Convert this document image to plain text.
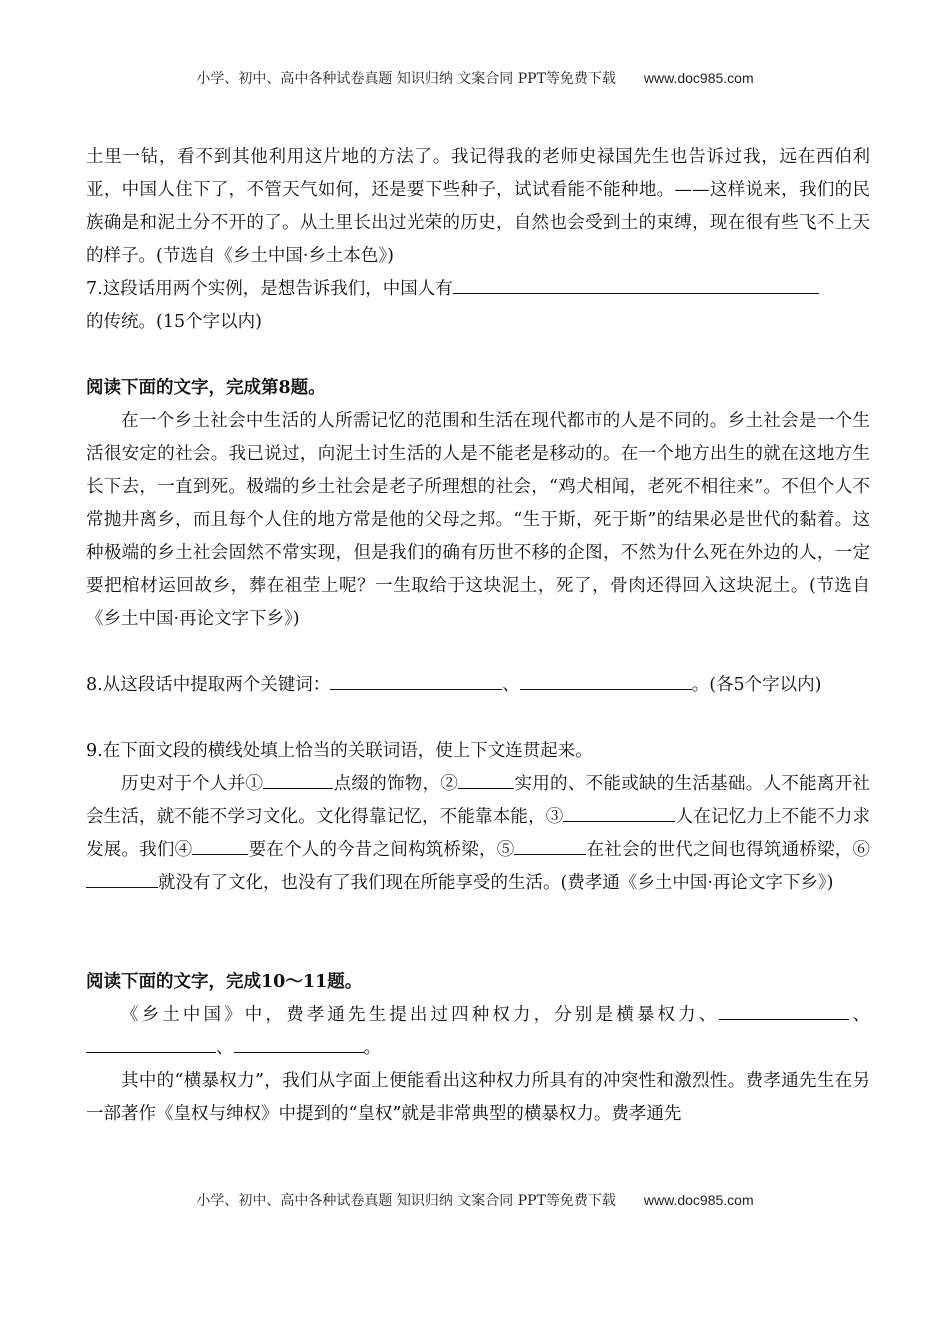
小学、初中、高中各种试卷真题 知识归纳 文案合同 PPT等免费下载 www.doc985.com

土里一钻，看不到其他利用这片地的方法了。我记得我的老师史禄国先生也告诉过我，远在西伯利亚，中国人住下了，不管天气如何，还是要下些种子，试试看能不能种地。——这样说来，我们的民族确是和泥土分不开的了。从土里长出过光荣的历史，自然也会受到土的束缚，现在很有些飞不上天的样子。(节选自《乡土中国·乡土本色》)

7.这段话用两个实例，是想告诉我们，中国人有

的传统。(15个字以内)

阅读下面的文字，完成第8题。

在一个乡土社会中生活的人所需记忆的范围和生活在现代都市的人是不同的。乡土社会是一个生活很安定的社会。我已说过，向泥土讨生活的人是不能老是移动的。在一个地方出生的就在这地方生长下去，一直到死。极端的乡土社会是老子所理想的社会，“鸡犬相闻，老死不相往来”。不但个人不常抛井离乡，而且每个人住的地方常是他的父母之邦。“生于斯，死于斯”的结果必是世代的黏着。这种极端的乡土社会固然不常实现，但是我们的确有历世不移的企图，不然为什么死在外边的人，一定要把棺材运回故乡，葬在祖茔上呢？一生取给于这块泥土，死了，骨肉还得回入这块泥土。(节选自《乡土中国·再论文字下乡》)

8.从这段话中提取两个关键词：	、	。(各5个字以内)

9.在下面文段的横线处填上恰当的关联词语，使上下文连贯起来。

历史对于个人并①	点缀的饰物，②	实用的、不能或缺的生活基础。人不能离开社会生活，就不能不学习文化。文化得靠记忆，不能靠本能，③	人在记忆力上不能不力求发展。我们④	要在个人的今昔之间构筑桥梁，⑤	在社会的世代之间也得筑通桥梁，⑥就没有了文化，也没有了我们现在所能享受的生活。(费孝通《乡土中国·再论文字下乡》)

阅读下面的文字，完成10～11题。

《乡土中国》中，费孝通先生提出过四种权力，分别是横暴权力、	、、	。

其中的“横暴权力”，我们从字面上便能看出这种权力所具有的冲突性和激烈性。费孝通先生在另一部著作《皇权与绅权》中提到的“皇权”就是非常典型的横暴权力。费孝通先

小学、初中、高中各种试卷真题 知识归纳 文案合同 PPT等免费下载 www.doc985.com
